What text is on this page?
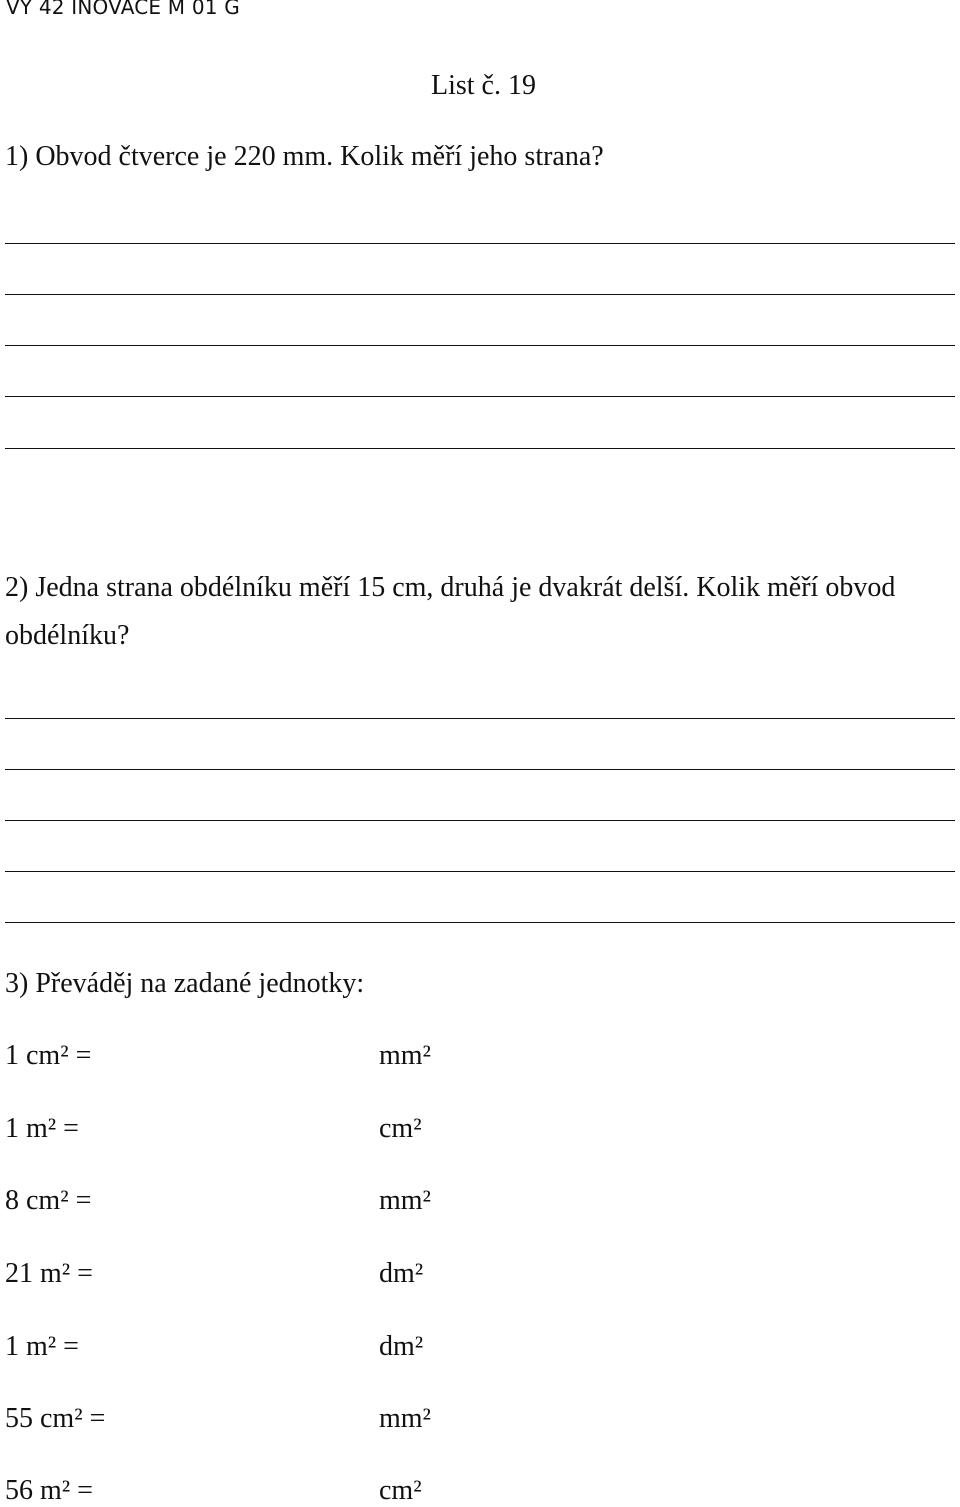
VY 42 INOVACE M 01 G
List č. 19
1) Obvod čtverce je 220 mm. Kolik měří jeho strana?
2) Jedna strana obdélníku měří 15 cm, druhá je dvakrát delší. Kolik měří obvod obdélníku?
3) Převáděj na zadané jednotky:
1 cm² =	mm²
1 m² =	cm²
8 cm² =	mm²
21 m² =	dm²
1 m² =	dm²
55 cm² =	mm²
56 m² =	cm²
